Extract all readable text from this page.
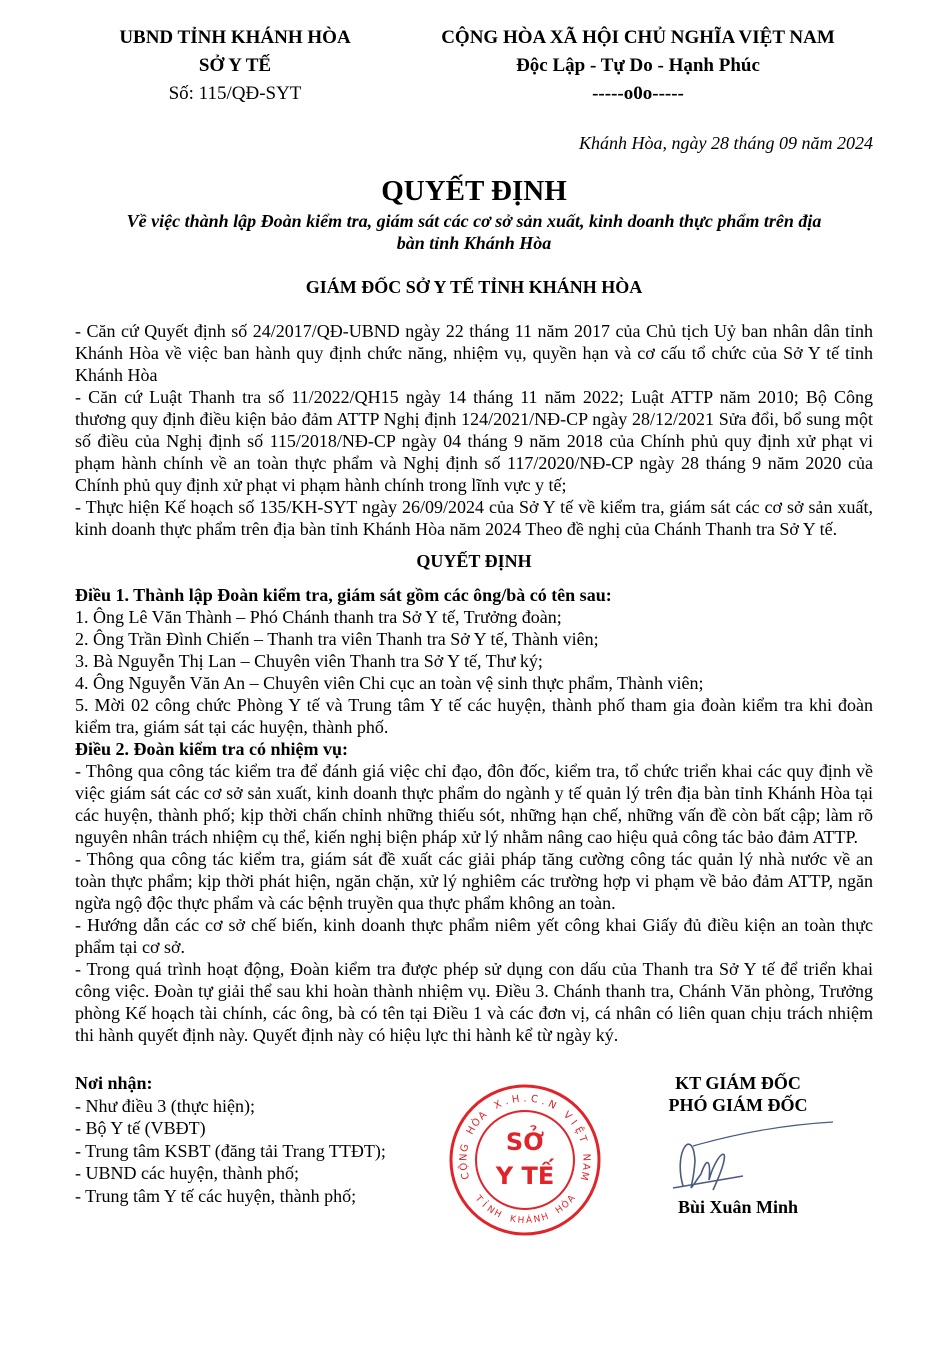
UBND TỈNH KHÁNH HÒA
SỞ Y TẾ
Số: 115/QĐ-SYT
CỘNG HÒA XÃ HỘI CHỦ NGHĨA VIỆT NAM
Độc Lập - Tự Do - Hạnh Phúc
-----o0o-----
Khánh Hòa, ngày 28 tháng 09 năm 2024
QUYẾT ĐỊNH
Về việc thành lập Đoàn kiểm tra, giám sát các cơ sở sản xuất, kinh doanh thực phẩm trên địa
bàn tỉnh Khánh Hòa
GIÁM ĐỐC SỞ Y TẾ TỈNH KHÁNH HÒA

- Căn cứ Quyết định số 24/2017/QĐ-UBND ngày 22 tháng 11 năm 2017 của Chủ tịch Uỷ ban nhân dân tỉnh Khánh Hòa về việc ban hành quy định chức năng, nhiệm vụ, quyền hạn và cơ cấu tổ chức của Sở Y tế tỉnh Khánh Hòa

- Căn cứ Luật Thanh tra số 11/2022/QH15 ngày 14 tháng 11 năm 2022; Luật ATTP năm 2010; Bộ Công thương quy định điều kiện bảo đảm ATTP Nghị định 124/2021/NĐ-CP ngày 28/12/2021 Sửa đổi, bổ sung một số điều của Nghị định số 115/2018/NĐ-CP ngày 04 tháng 9 năm 2018 của Chính phủ quy định xử phạt vi phạm hành chính về an toàn thực phẩm và Nghị định số 117/2020/NĐ-CP ngày 28 tháng 9 năm 2020 của Chính phủ quy định xử phạt vi phạm hành chính trong lĩnh vực y tế;

- Thực hiện Kế hoạch số 135/KH-SYT ngày 26/09/2024 của Sở Y tế về kiểm tra, giám sát các cơ sở sản xuất, kinh doanh thực phẩm trên địa bàn tỉnh Khánh Hòa năm 2024 Theo đề nghị của Chánh Thanh tra Sở Y tế.

QUYẾT ĐỊNH

Điều 1. Thành lập Đoàn kiểm tra, giám sát gồm các ông/bà có tên sau:

1. Ông Lê Văn Thành – Phó Chánh thanh tra Sở Y tế, Trưởng đoàn;

2. Ông Trần Đình Chiến – Thanh tra viên Thanh tra Sở Y tế, Thành viên;

3. Bà Nguyễn Thị Lan – Chuyên viên Thanh tra Sở Y tế, Thư ký;

4. Ông Nguyễn Văn An – Chuyên viên Chi cục an toàn vệ sinh thực phẩm, Thành viên;

5. Mời 02 công chức Phòng Y tế và Trung tâm Y tế các huyện, thành phố tham gia đoàn kiểm tra khi đoàn kiểm tra, giám sát tại các huyện, thành phố.

Điều 2. Đoàn kiểm tra có nhiệm vụ:

- Thông qua công tác kiểm tra để đánh giá việc chỉ đạo, đôn đốc, kiểm tra, tổ chức triển khai các quy định về việc giám sát các cơ sở sản xuất, kinh doanh thực phẩm do ngành y tế quản lý trên địa bàn tỉnh Khánh Hòa tại các huyện, thành phố; kịp thời chấn chỉnh những thiếu sót, những hạn chế, những vấn đề còn bất cập; làm rõ nguyên nhân trách nhiệm cụ thể, kiến nghị biện pháp xử lý nhằm nâng cao hiệu quả công tác bảo đảm ATTP.

- Thông qua công tác kiểm tra, giám sát đề xuất các giải pháp tăng cường công tác quản lý nhà nước về an toàn thực phẩm; kịp thời phát hiện, ngăn chặn, xử lý nghiêm các trường hợp vi phạm về bảo đảm ATTP, ngăn ngừa ngộ độc thực phẩm và các bệnh truyền qua thực phẩm không an toàn.

- Hướng dẫn các cơ sở chế biến, kinh doanh thực phẩm niêm yết công khai Giấy đủ điều kiện an toàn thực phẩm tại cơ sở.

- Trong quá trình hoạt động, Đoàn kiểm tra được phép sử dụng con dấu của Thanh tra Sở Y tế để triển khai công việc. Đoàn tự giải thể sau khi hoàn thành nhiệm vụ. Điều 3. Chánh thanh tra, Chánh Văn phòng, Trưởng phòng Kế hoạch tài chính, các ông, bà có tên tại Điều 1 và các đơn vị, cá nhân có liên quan chịu trách nhiệm thi hành quyết định này. Quyết định này có hiệu lực thi hành kể từ ngày ký.

Nơi nhận:
- Như điều 3 (thực hiện);
- Bộ Y tế (VBĐT)
- Trung tâm KSBT (đăng tải Trang TTĐT);
- UBND các huyện, thành phố;
- Trung tâm Y tế các huyện, thành phố;
C
Ộ
N
G
H
Ò
A
X . H . C . N
V
I
Ệ
T
N
A
M
T
Ỉ
N
H K H Á N
H
H
Ò
A
SỞ
Y TẾ
KT GIÁM ĐỐC
PHÓ GIÁM ĐỐC
Bùi Xuân Minh
